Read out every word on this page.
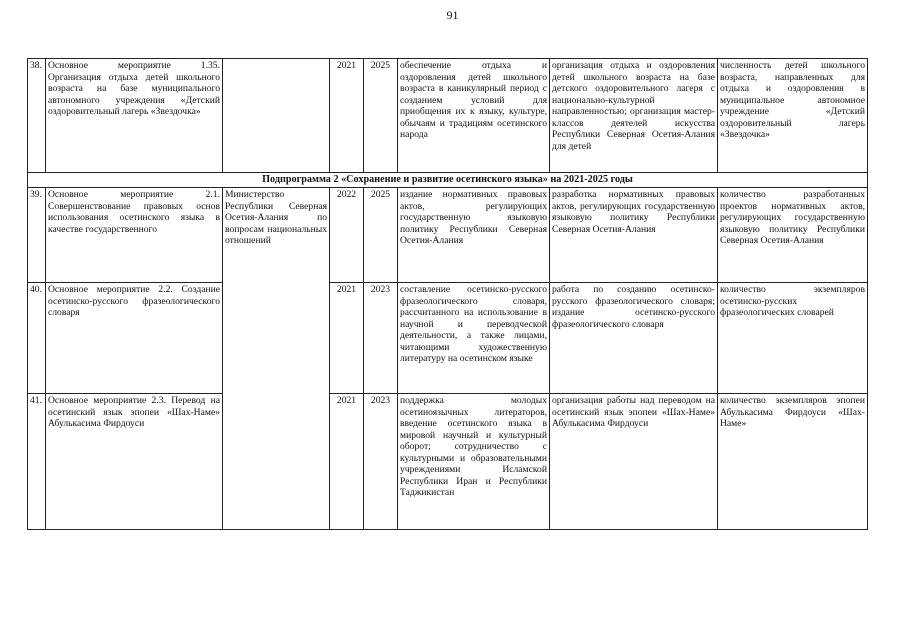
91
38.	Основное мероприятие 1.35. Организация отдыха детей школьного возраста на базе муниципального автономного учреждения «Детский оздоровительный лагерь «Звездочка»		2021	2025	обеспечение отдыха и оздоровления детей школьного возраста в каникулярный период с созданием условий для приобщения их к языку, культуре, обычаям и традициям осетинского народа	организация отдыха и оздоровления детей школьного возраста на базе детского оздоровительного лагеря с национально-культурной направленностью; организация мастер-классов деятелей искусства Республики Северная Осетия-Алания для детей	численность детей школьного возраста, направленных для отдыха и оздоровления в муниципальное автономное учреждение «Детский оздоровительный лагерь «Звездочка»
Подпрограмма 2 «Сохранение и развитие осетинского языка» на 2021-2025 годы							
39.	Основное мероприятие 2.1. Совершенствование правовых основ использования осетинского языка в качестве государственного	Министерство Республики Северная Осетия-Алания по вопросам национальных отношений	2022	2025	издание нормативных правовых актов, регулирующих государственную языковую политику Республики Северная Осетия-Алания	разработка нормативных правовых актов, регулирующих государственную языковую политику Республики Северная Осетия-Алания	количество разработанных проектов нормативных актов, регулирующих государственную языковую политику Республики Северная Осетия-Алания
40.	Основное мероприятие 2.2. Создание осетинско-русского фразеологического словаря		2021	2023	составление осетинско-русского фразеологического словаря, рассчитанного на использование в научной и переводческой деятельности, а также лицами, читающими художественную литературу на осетинском языке	работа по созданию осетинско-русского фразеологического словаря; издание осетинско-русского фразеологического словаря	количество экземпляров осетинско-русских фразеологических словарей
41.	Основное мероприятие 2.3. Перевод на осетинский язык эпопеи «Шах-Наме» Абулькасима Фирдоуси		2021	2023	поддержка молодых осетиноязычных литераторов, введение осетинского языка в мировой научный и культурный оборот; сотрудничество с культурными и образовательными учреждениями Исламской Республики Иран и Республики Таджикистан	организация работы над переводом на осетинский язык эпопеи «Шах-Наме» Абулькасима Фирдоуси	количество экземпляров эпопеи Абулькасима Фирдоуси «Шах-Наме»
